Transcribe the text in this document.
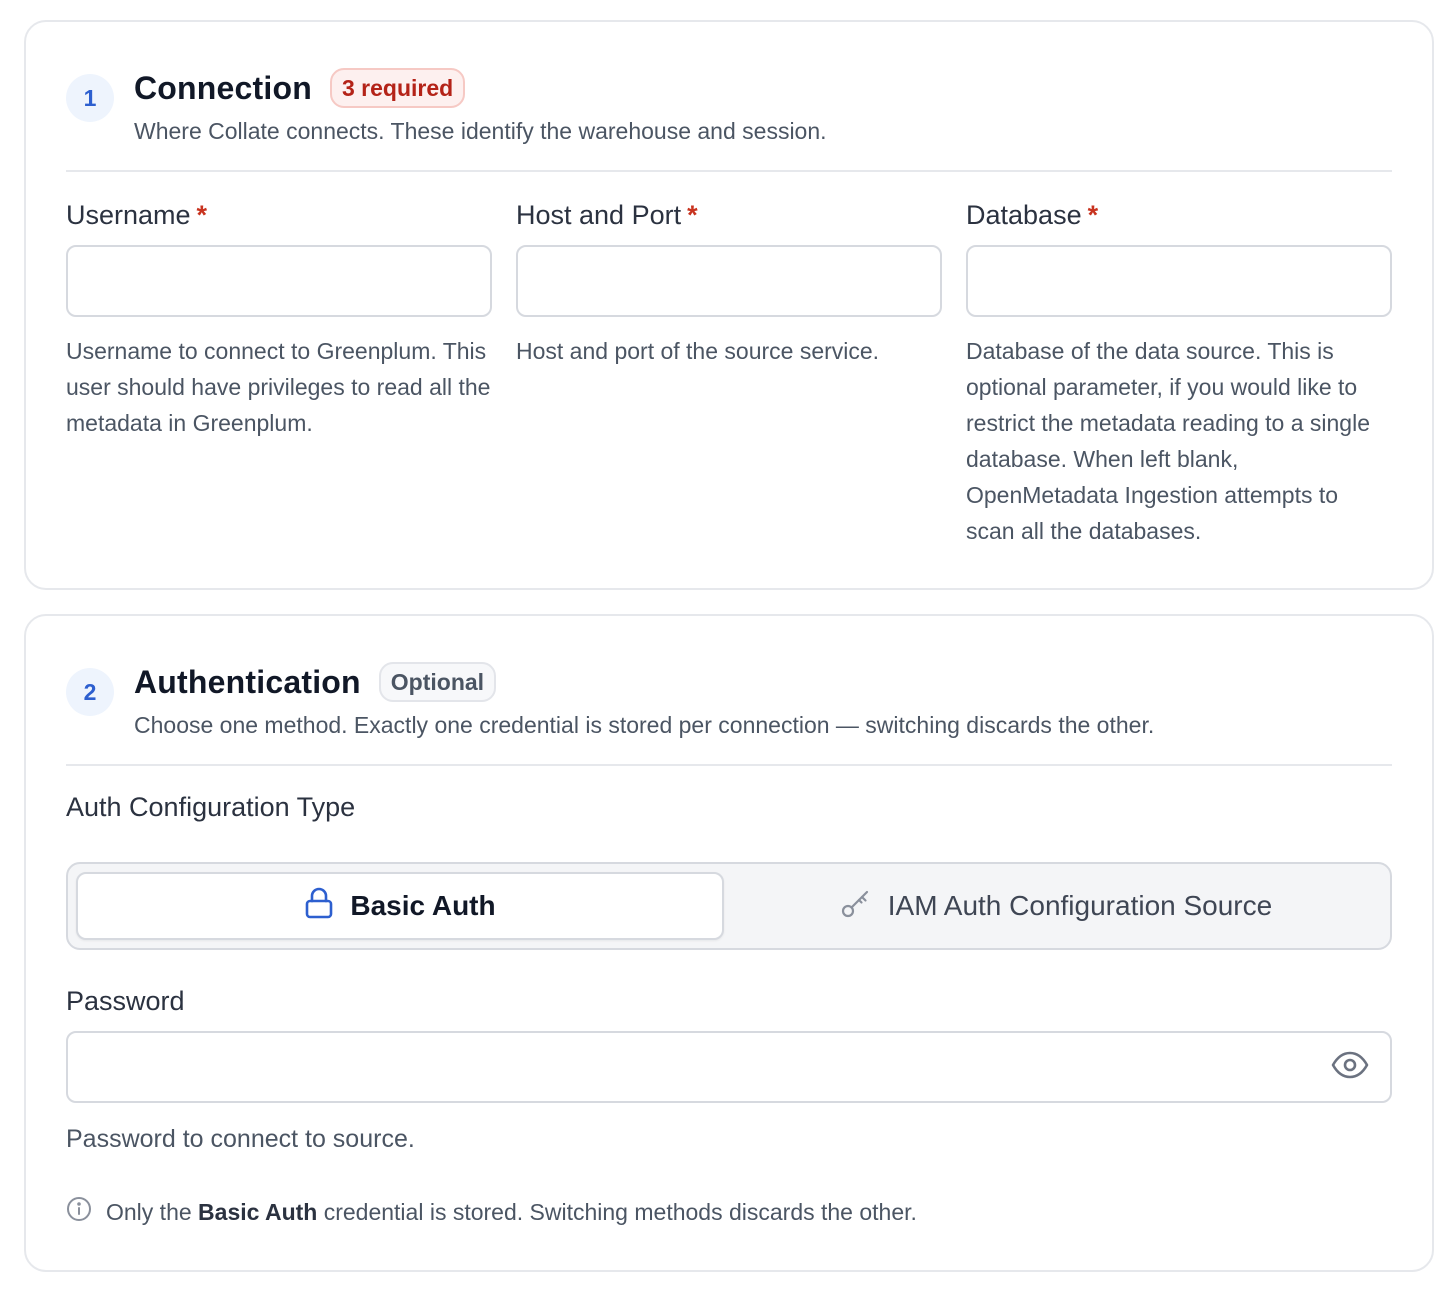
1	Connection	3 required

Where Collate connects. These identify the warehouse and session.

Username *

Username to connect to Greenplum. This user should have privileges to read all the metadata in Greenplum.

Host and Port *

Host and port of the source service.

Database *

Database of the data source. This is optional parameter, if you would like to restrict the metadata reading to a single database. When left blank, OpenMetadata Ingestion attempts to scan all the databases.

2	Authentication	Optional

Choose one method. Exactly one credential is stored per connection — switching discards the other.

Auth Configuration Type
Basic Auth	IAM Auth Configuration Source
Password

Password to connect to source.

Only the Basic Auth credential is stored. Switching methods discards the other.
